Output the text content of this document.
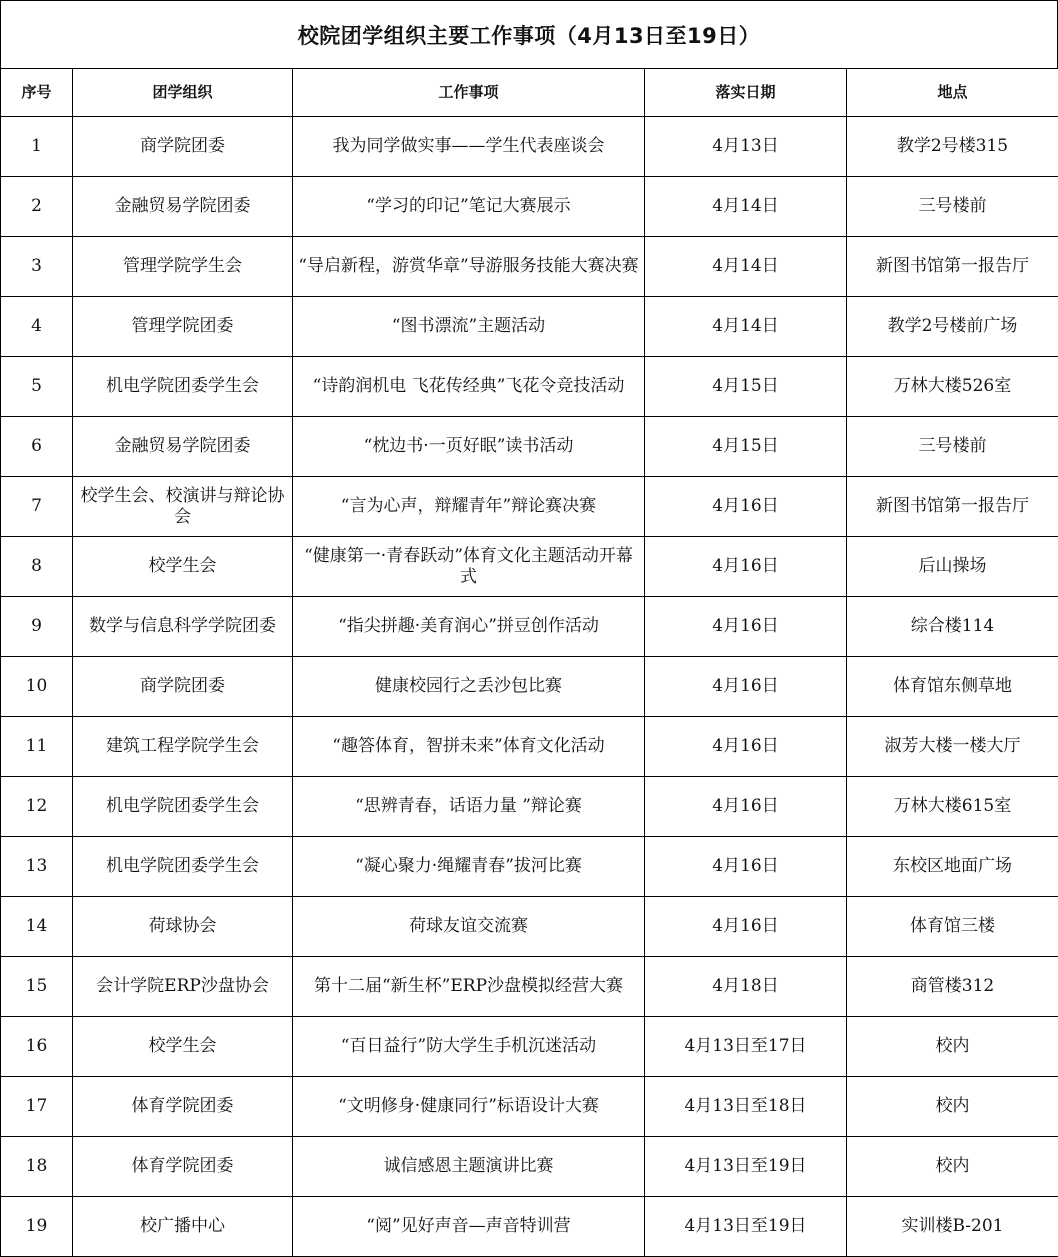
校院团学组织主要工作事项（4月13日至19日）
序号	团学组织	工作事项	落实日期	地点
1	商学院团委	我为同学做实事——学生代表座谈会	4月13日	教学2号楼315
2	金融贸易学院团委	“学习的印记”笔记大赛展示	4月14日	三号楼前
3	管理学院学生会	“导启新程，游赏华章”导游服务技能大赛决赛	4月14日	新图书馆第一报告厅
4	管理学院团委	“图书漂流”主题活动	4月14日	教学2号楼前广场
5	机电学院团委学生会	“诗韵润机电 飞花传经典”飞花令竞技活动	4月15日	万林大楼526室
6	金融贸易学院团委	“枕边书·一页好眠”读书活动	4月15日	三号楼前
7	校学生会、校演讲与辩论协会	“言为心声，辩耀青年”辩论赛决赛	4月16日	新图书馆第一报告厅
8	校学生会	“健康第一·青春跃动”体育文化主题活动开幕式	4月16日	后山操场
9	数学与信息科学学院团委	“指尖拼趣·美育润心”拼豆创作活动	4月16日	综合楼114
10	商学院团委	健康校园行之丢沙包比赛	4月16日	体育馆东侧草地
11	建筑工程学院学生会	“趣答体育，智拼未来”体育文化活动	4月16日	淑芳大楼一楼大厅
12	机电学院团委学生会	“思辨青春，话语力量 ”辩论赛	4月16日	万林大楼615室
13	机电学院团委学生会	“凝心聚力·绳耀青春”拔河比赛	4月16日	东校区地面广场
14	荷球协会	荷球友谊交流赛	4月16日	体育馆三楼
15	会计学院ERP沙盘协会	第十二届“新生杯”ERP沙盘模拟经营大赛	4月18日	商管楼312
16	校学生会	“百日益行”防大学生手机沉迷活动	4月13日至17日	校内
17	体育学院团委	“文明修身·健康同行”标语设计大赛	4月13日至18日	校内
18	体育学院团委	诚信感恩主题演讲比赛	4月13日至19日	校内
19	校广播中心	“阅”见好声音—声音特训营	4月13日至19日	实训楼B-201
